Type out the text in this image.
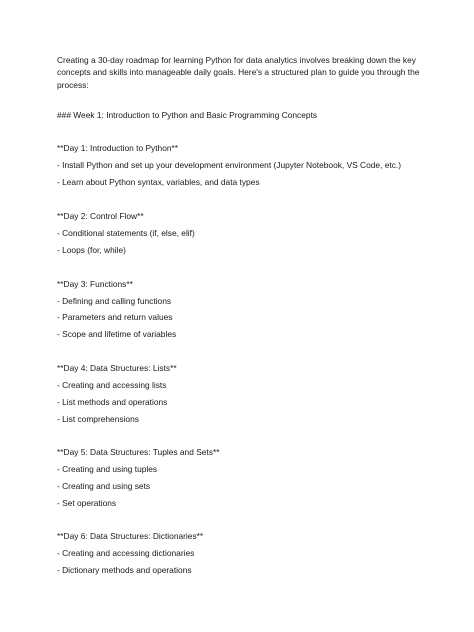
Creating a 30-day roadmap for learning Python for data analytics involves breaking down the key concepts and skills into manageable daily goals. Here's a structured plan to guide you through the process:
### Week 1: Introduction to Python and Basic Programming Concepts
**Day 1: Introduction to Python**
- Install Python and set up your development environment (Jupyter Notebook, VS Code, etc.)
- Learn about Python syntax, variables, and data types
**Day 2: Control Flow**
- Conditional statements (if, else, elif)
- Loops (for, while)
**Day 3: Functions**
- Defining and calling functions
- Parameters and return values
- Scope and lifetime of variables
**Day 4: Data Structures: Lists**
- Creating and accessing lists
- List methods and operations
- List comprehensions
**Day 5: Data Structures: Tuples and Sets**
- Creating and using tuples
- Creating and using sets
- Set operations
**Day 6: Data Structures: Dictionaries**
- Creating and accessing dictionaries
- Dictionary methods and operations
